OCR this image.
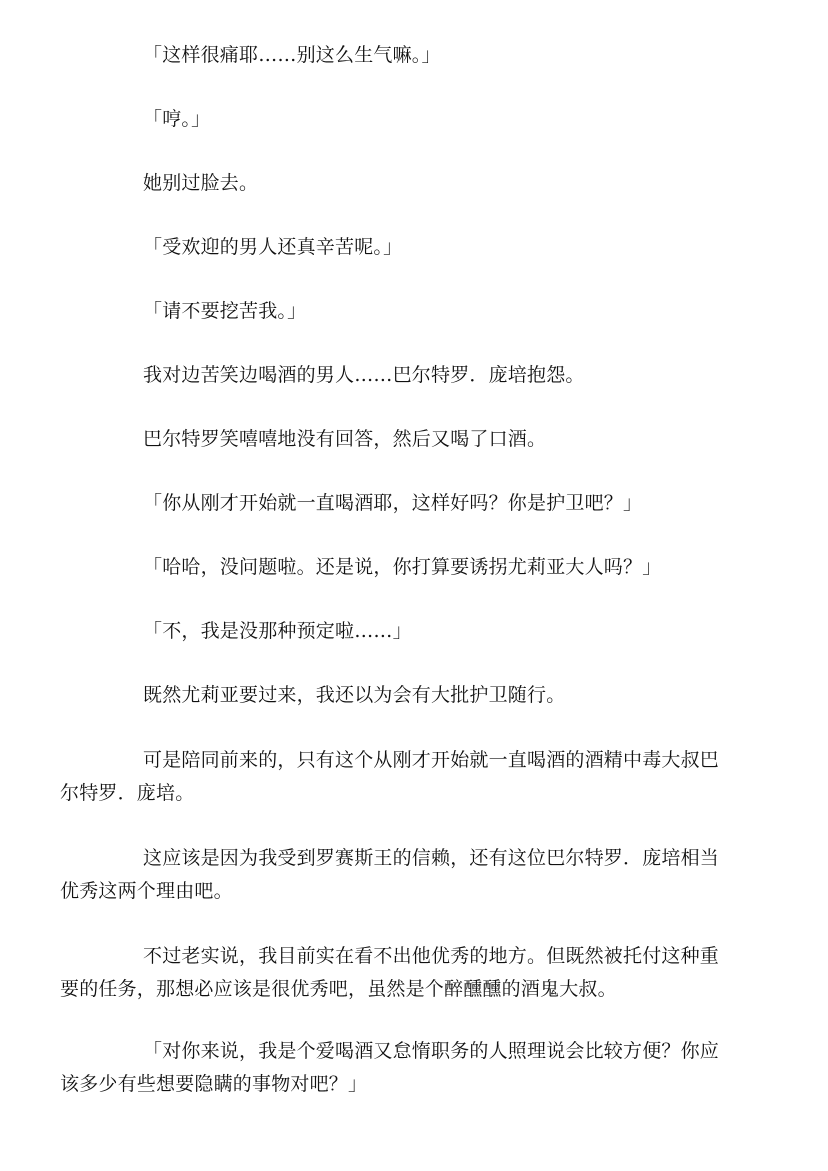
「这样很痛耶……别这么生气嘛。」

「哼。」

她别过脸去。

「受欢迎的男人还真辛苦呢。」

「请不要挖苦我。」

我对边苦笑边喝酒的男人……巴尔特罗．庞培抱怨。

巴尔特罗笑嘻嘻地没有回答，然后又喝了口酒。

「你从刚才开始就一直喝酒耶，这样好吗？你是护卫吧？」

「哈哈，没问题啦。还是说，你打算要诱拐尤莉亚大人吗？」

「不，我是没那种预定啦……」

既然尤莉亚要过来，我还以为会有大批护卫随行。

可是陪同前来的，只有这个从刚才开始就一直喝酒的酒精中毒大叔巴
尔特罗．庞培。

这应该是因为我受到罗赛斯王的信赖，还有这位巴尔特罗．庞培相当
优秀这两个理由吧。

不过老实说，我目前实在看不出他优秀的地方。但既然被托付这种重
要的任务，那想必应该是很优秀吧，虽然是个醉醺醺的酒鬼大叔。

「对你来说，我是个爱喝酒又怠惰职务的人照理说会比较方便？你应
该多少有些想要隐瞒的事物对吧？」
